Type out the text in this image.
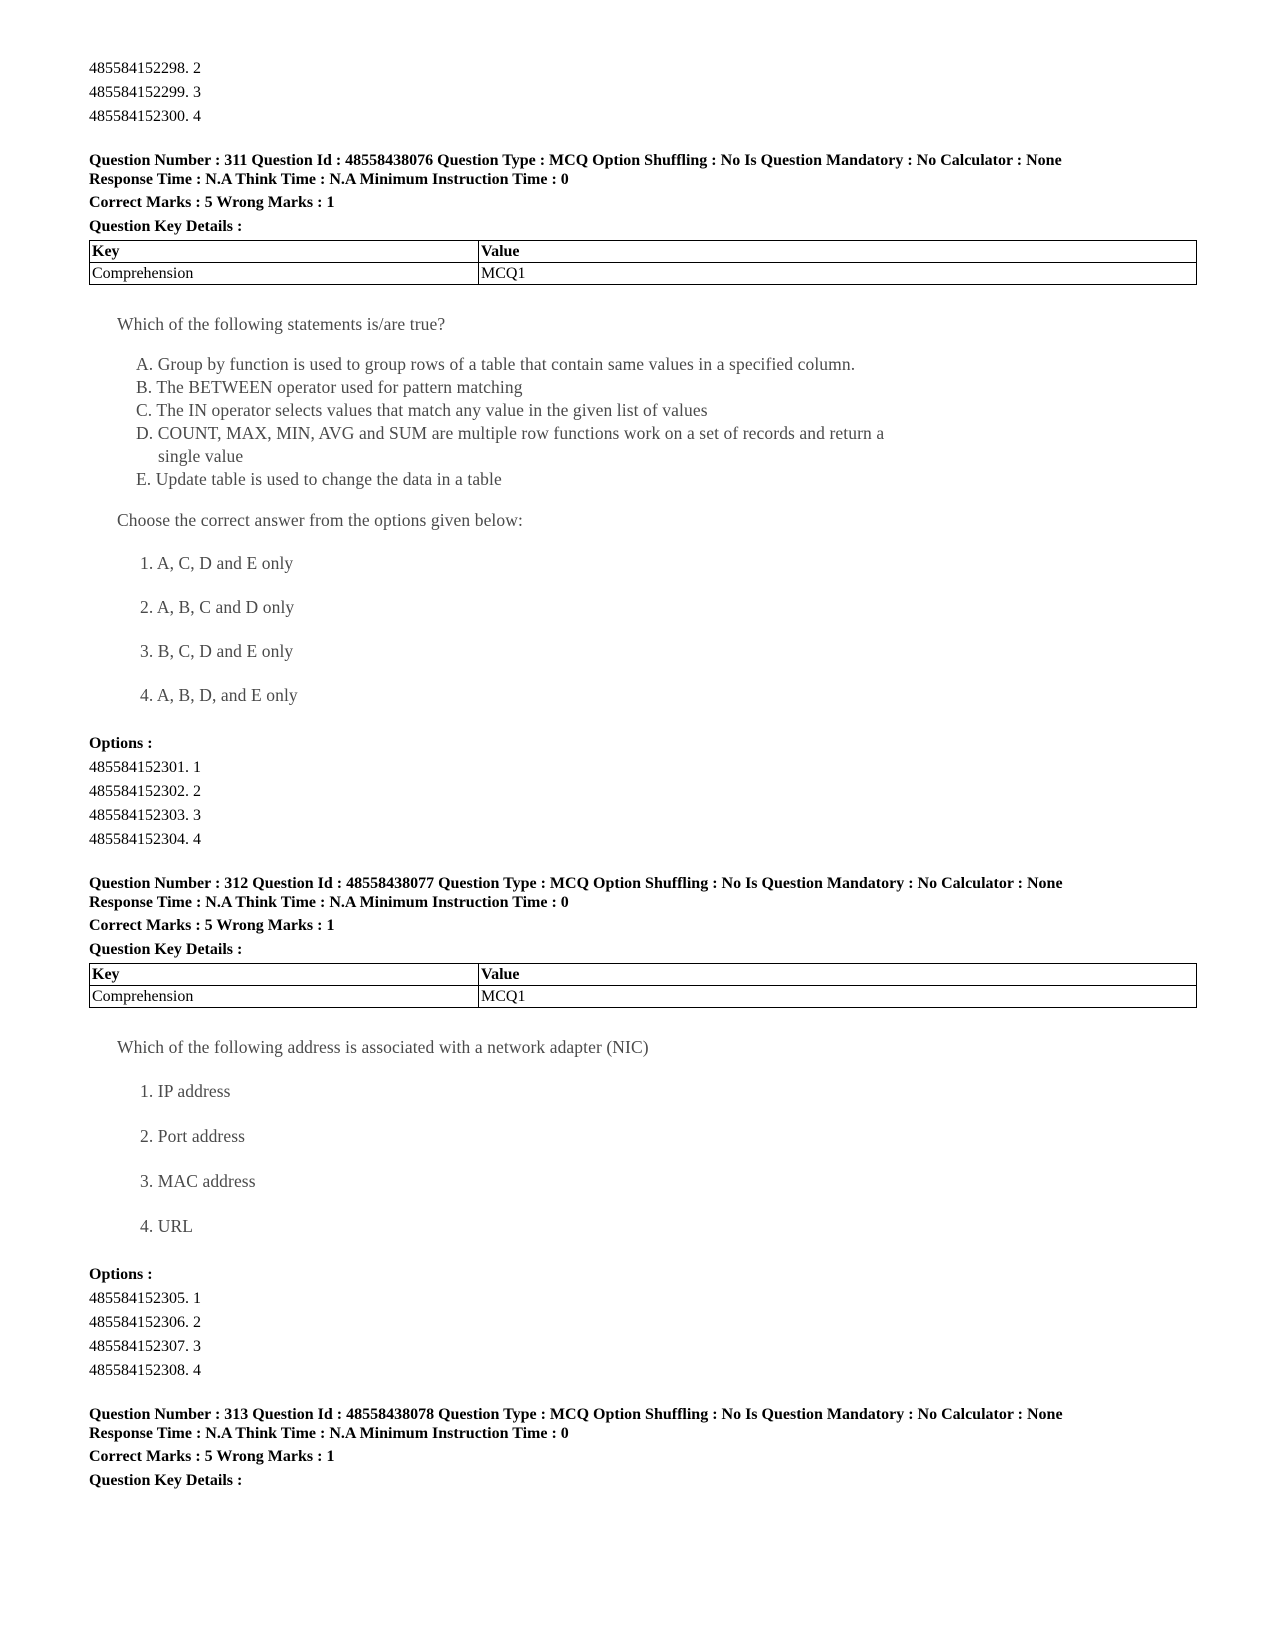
485584152298. 2
485584152299. 3
485584152300. 4
Question Number : 311 Question Id : 48558438076 Question Type : MCQ Option Shuffling : No Is Question Mandatory : No Calculator : None
Response Time : N.A Think Time : N.A Minimum Instruction Time : 0
Correct Marks : 5 Wrong Marks : 1
Question Key Details :
Key	Value
Comprehension	MCQ1
Which of the following statements is/are true?
A. Group by function is used to group rows of a table that contain same values in a specified column.
B. The BETWEEN operator used for pattern matching
C. The IN operator selects values that match any value in the given list of values
D. COUNT, MAX, MIN, AVG and SUM are multiple row functions work on a set of records and return a
single value
E. Update table is used to change the data in a table
Choose the correct answer from the options given below:
1. A, C, D and E only
2. A, B, C and D only
3. B, C, D and E only
4. A, B, D, and E only
Options :
485584152301. 1
485584152302. 2
485584152303. 3
485584152304. 4
Question Number : 312 Question Id : 48558438077 Question Type : MCQ Option Shuffling : No Is Question Mandatory : No Calculator : None
Response Time : N.A Think Time : N.A Minimum Instruction Time : 0
Correct Marks : 5 Wrong Marks : 1
Question Key Details :
Key	Value
Comprehension	MCQ1
Which of the following address is associated with a network adapter (NIC)
1. IP address
2. Port address
3. MAC address
4. URL
Options :
485584152305. 1
485584152306. 2
485584152307. 3
485584152308. 4
Question Number : 313 Question Id : 48558438078 Question Type : MCQ Option Shuffling : No Is Question Mandatory : No Calculator : None
Response Time : N.A Think Time : N.A Minimum Instruction Time : 0
Correct Marks : 5 Wrong Marks : 1
Question Key Details :
